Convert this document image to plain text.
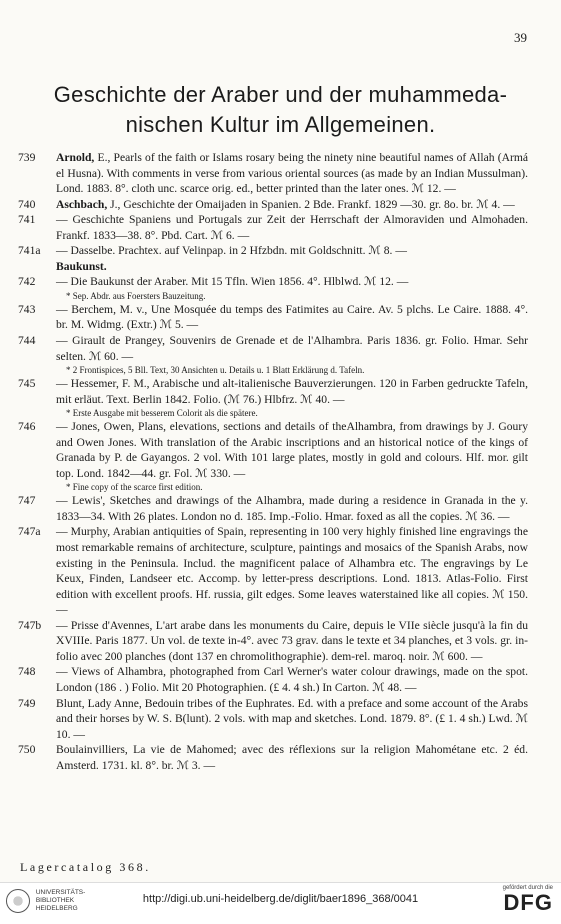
39
Geschichte der Araber und der muhammeda-
nischen Kultur im Allgemeinen.
739 Arnold, E., Pearls of the faith or Islams rosary being the ninety nine beautiful names of Allah (Armá el Husna). With comments in verse from various oriental sources (as made by an Indian Mussulman). Lond. 1883. 8°. cloth unc. scarce orig. ed., better printed than the later ones. ℳ 12. —
740 Aschbach, J., Geschichte der Omaijaden in Spanien. 2 Bde. Frankf. 1829 —30. gr. 8o. br. ℳ 4. —
741 — Geschichte Spaniens und Portugals zur Zeit der Herrschaft der Almoraviden und Almohaden. Frankf. 1833—38. 8°. Pbd. Cart. ℳ 6. —
741a — Dasselbe. Prachtex. auf Velinpap. in 2 Hfzbdn. mit Goldschnitt. ℳ 8. —
Baukunst.
742 — Die Baukunst der Araber. Mit 15 Tfln. Wien 1856. 4°. Hlblwd. ℳ 12. —
* Sep. Abdr. aus Foersters Bauzeitung.
743 — Berchem, M. v., Une Mosquée du temps des Fatimites au Caire. Av. 5 plchs. Le Caire. 1888. 4°. br. M. Widmg. (Extr.) ℳ 5. —
744 — Girault de Prangey, Souvenirs de Grenade et de l'Alhambra. Paris 1836. gr. Folio. Hmar. Sehr selten. ℳ 60. —
* 2 Frontispices, 5 Bll. Text, 30 Ansichten u. Details u. 1 Blatt Erklärung d. Tafeln.
745 — Hessemer, F. M., Arabische und alt-italienische Bauverzierungen. 120 in Farben gedruckte Tafeln, mit erläut. Text. Berlin 1842. Folio. (ℳ 76.) Hlbfrz. ℳ 40. —
* Erste Ausgabe mit besserem Colorit als die spätere.
746 — Jones, Owen, Plans, elevations, sections and details of theAlhambra, from drawings by J. Goury and Owen Jones. With translation of the Arabic inscriptions and an historical notice of the kings of Granada by P. de Gayangos. 2 vol. With 101 large plates, mostly in gold and colours. Hlf. mor. gilt top. Lond. 1842—44. gr. Fol. ℳ 330. —
* Fine copy of the scarce first edition.
747 — Lewis', Sketches and drawings of the Alhambra, made during a residence in Granada in the y. 1833—34. With 26 plates. London no d. 185. Imp.-Folio. Hmar. foxed as all the copies. ℳ 36. —
747a — Murphy, Arabian antiquities of Spain, representing in 100 very highly finished line engravings the most remarkable remains of architecture, sculpture, paintings and mosaics of the Spanish Arabs, now existing in the Peninsula. Includ. the magnificent palace of Alhambra etc. The engravings by Le Keux, Finden, Landseer etc. Accomp. by letter-press descriptions. Lond. 1813. Atlas-Folio. First edition with excellent proofs. Hf. russia, gilt edges. Some leaves waterstained like all copies. ℳ 150. —
747b — Prisse d'Avennes, L'art arabe dans les monuments du Caire, depuis le VIIe siècle jusqu'à la fin du XVIIIe. Paris 1877. Un vol. de texte in-4°. avec 73 grav. dans le texte et 34 planches, et 3 vols. gr. in-folio avec 200 planches (dont 137 en chromolithographie). dem-rel. maroq. noir. ℳ 600. —
748 — Views of Alhambra, photographed from Carl Werner's water colour drawings, made on the spot. London (186 . ) Folio. Mit 20 Photographien. (£ 4. 4 sh.) In Carton. ℳ 48. —
749 Blunt, Lady Anne, Bedouin tribes of the Euphrates. Ed. with a preface and some account of the Arabs and their horses by W. S. B(lunt). 2 vols. with map and sketches. Lond. 1879. 8°. (£ 1. 4 sh.) Lwd. ℳ 10. —
750 Boulainvilliers, La vie de Mahomed; avec des réflexions sur la religion Mahométane etc. 2 éd. Amsterd. 1731. kl. 8°. br. ℳ 3. —
Lagercatalog 368.
UNIVERSITÄTS-
BIBLIOTHEK
HEIDELBERG
http://digi.ub.uni-heidelberg.de/diglit/baer1896_368/0041
gefördert durch die
DFG
